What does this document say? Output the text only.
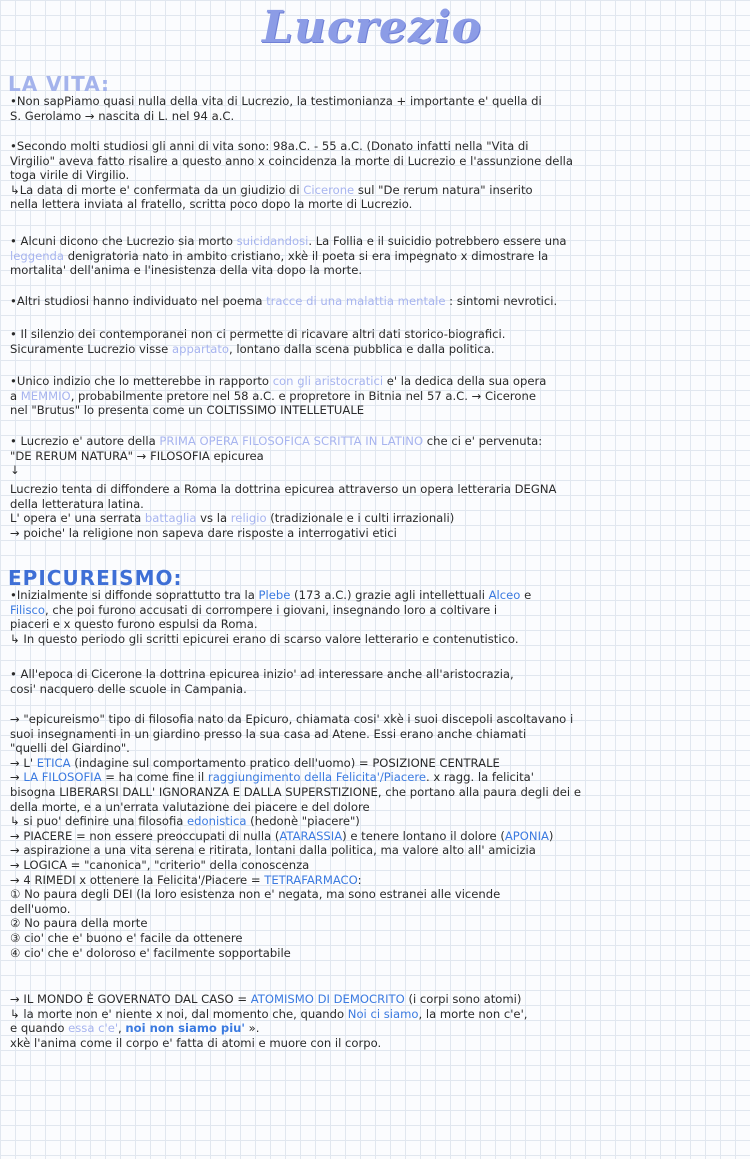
Lucrezio
LA VITA:
EPICUREISMO:
•Non sapPiamo quasi nulla della vita di Lucrezio, la testimonianza + importante e' quella di
S. Gerolamo → nascita di L. nel 94 a.C.
•Secondo molti studiosi gli anni di vita sono: 98a.C. - 55 a.C. (Donato infatti nella "Vita di
Virgilio" aveva fatto risalire a questo anno x coincidenza la morte di Lucrezio e l'assunzione della
toga virile di Virgilio.
↳La data di morte e' confermata da un giudizio di Cicerone sul "De rerum natura" inserito
nella lettera inviata al fratello, scritta poco dopo la morte di Lucrezio.
• Alcuni dicono che Lucrezio sia morto suicidandosi. La Follia e il suicidio potrebbero essere una
leggenda denigratoria nato in ambito cristiano, xkè il poeta si era impegnato x dimostrare la
mortalita' dell'anima e l'inesistenza della vita dopo la morte.
•Altri studiosi hanno individuato nel poema tracce di una malattia mentale : sintomi nevrotici.
• Il silenzio dei contemporanei non ci permette di ricavare altri dati storico-biografici.
Sicuramente Lucrezio visse appartato, lontano dalla scena pubblica e dalla politica.
•Unico indizio che lo metterebbe in rapporto con gli aristocratici e' la dedica della sua opera
a MEMMIO, probabilmente pretore nel 58 a.C. e propretore in Bitnia nel 57 a.C. → Cicerone
nel "Brutus" lo presenta come un COLTISSIMO INTELLETUALE
• Lucrezio e' autore della PRIMA OPERA FILOSOFICA SCRITTA IN LATINO che ci e' pervenuta:
"DE RERUM NATURA" → FILOSOFIA epicurea
↓
Lucrezio tenta di diffondere a Roma la dottrina epicurea attraverso un opera letteraria DEGNA
della letteratura latina.
L' opera e' una serrata battaglia vs la religio (tradizionale e i culti irrazionali)
→ poiche' la religione non sapeva dare risposte a interrogativi etici
•Inizialmente si diffonde soprattutto tra la Plebe (173 a.C.) grazie agli intellettuali Alceo e
Filisco, che poi furono accusati di corrompere i giovani, insegnando loro a coltivare i
piaceri e x questo furono espulsi da Roma.
↳ In questo periodo gli scritti epicurei erano di scarso valore letterario e contenutistico.
• All'epoca di Cicerone la dottrina epicurea inizio' ad interessare anche all'aristocrazia,
cosi' nacquero delle scuole in Campania.
→ "epicureismo" tipo di filosofia nato da Epicuro, chiamata cosi' xkè i suoi discepoli ascoltavano i
suoi insegnamenti in un giardino presso la sua casa ad Atene. Essi erano anche chiamati
"quelli del Giardino".
→ L' ETICA (indagine sul comportamento pratico dell'uomo) = POSIZIONE CENTRALE
→ LA FILOSOFIA = ha come fine il raggiungimento della Felicita'/Piacere. x ragg. la felicita'
bisogna LIBERARSI DALL' IGNORANZA E DALLA SUPERSTIZIONE, che portano alla paura degli dei e
della morte, e a un'errata valutazione dei piacere e del dolore
↳ si puo' definire una filosofia edonistica (hedonè "piacere")
→ PIACERE = non essere preoccupati di nulla (ATARASSIA) e tenere lontano il dolore (APONIA)
→ aspirazione a una vita serena e ritirata, lontani dalla politica, ma valore alto all' amicizia
→ LOGICA = "canonica", "criterio" della conoscenza
→ 4 RIMEDI x ottenere la Felicita'/Piacere = TETRAFARMACO:
① No paura degli DEI (la loro esistenza non e' negata, ma sono estranei alle vicende
dell'uomo.
② No paura della morte
③ cio' che e' buono e' facile da ottenere
④ cio' che e' doloroso e' facilmente sopportabile
→ IL MONDO È GOVERNATO DAL CASO = ATOMISMO DI DEMOCRITO (i corpi sono atomi)
↳ la morte non e' niente x noi, dal momento che, quando Noi ci siamo, la morte non c'e',
e quando essa c'e', noi non siamo piu' ».
xkè l'anima come il corpo e' fatta di atomi e muore con il corpo.
